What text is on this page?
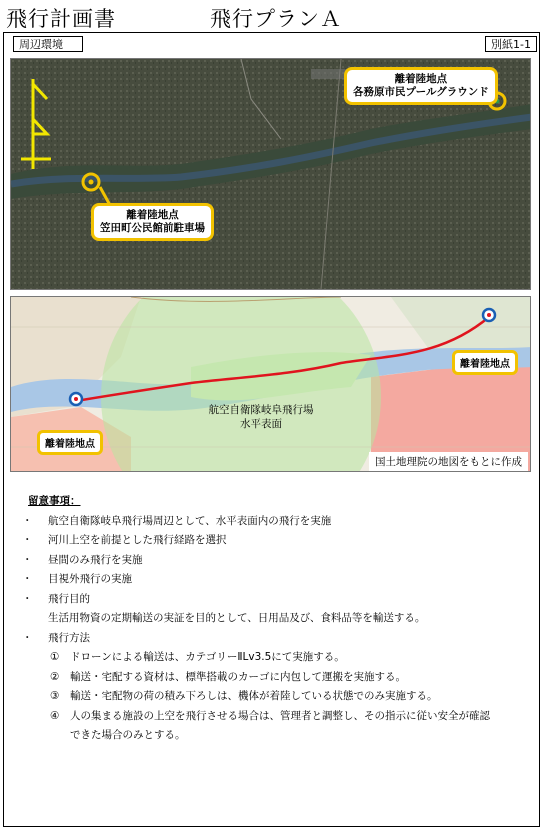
飛行計画書	飛行プランＡ
周辺環境	別紙1-1
離着陸地点
各務原市民プールグラウンド
離着陸地点
笠田町公民館前駐車場
離着陸地点
離着陸地点
航空自衛隊岐阜飛行場
水平表面
国土地理院の地図をもとに作成
留意事項：
・ 航空自衛隊岐阜飛行場周辺として、水平表面内の飛行を実施
・ 河川上空を前提とした飛行経路を選択
・ 昼間のみ飛行を実施
・ 目視外飛行の実施
・ 飛行目的
生活用物資の定期輸送の実証を目的として、日用品及び、食料品等を輸送する。
・ 飛行方法
① ドローンによる輸送は、カテゴリーⅡLv3.5にて実施する。
② 輸送・宅配する資材は、標準搭載のカーゴに内包して運搬を実施する。
③ 輸送・宅配物の荷の積み下ろしは、機体が着陸している状態でのみ実施する。
④ 人の集まる施設の上空を飛行させる場合は、管理者と調整し、その指示に従い安全が確認
できた場合のみとする。
